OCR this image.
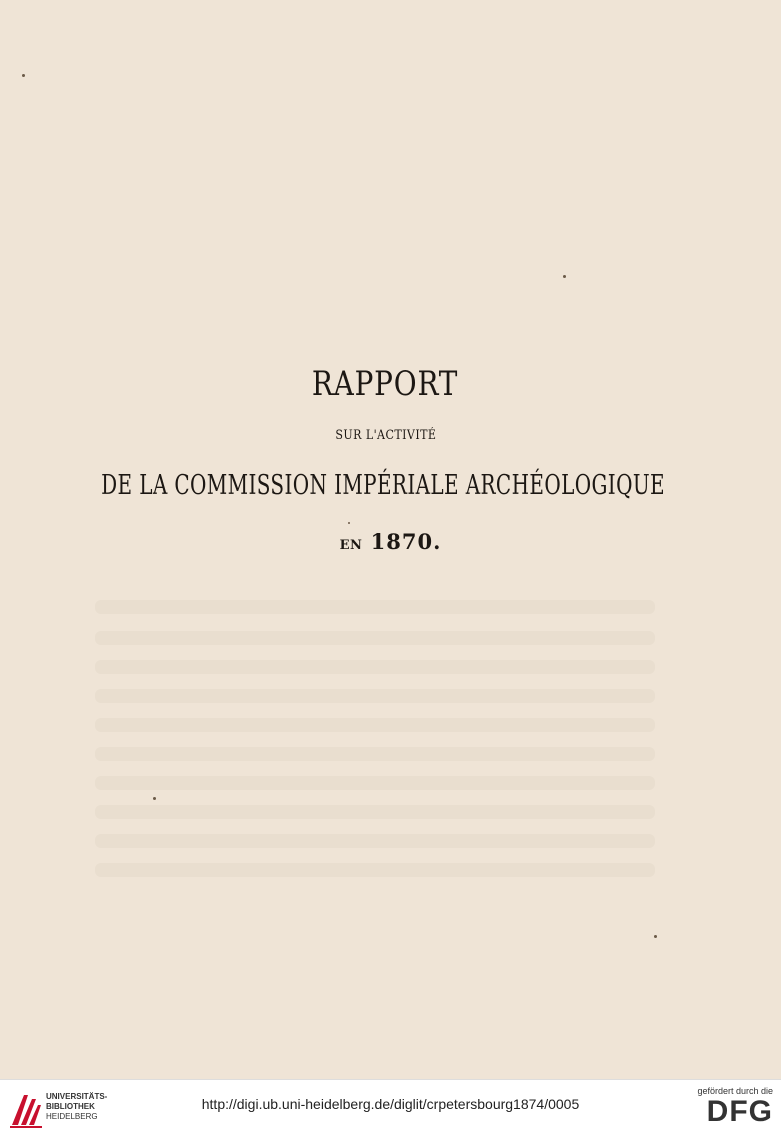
RAPPORT
SUR L'ACTIVITÉ
DE LA COMMISSION IMPÉRIALE ARCHÉOLOGIQUE
EN 1870.
UNIVERSITÄTS-
BIBLIOTHEK
HEIDELBERG
http://digi.ub.uni-heidelberg.de/diglit/crpetersbourg1874/0005
gefördert durch die
DFG
